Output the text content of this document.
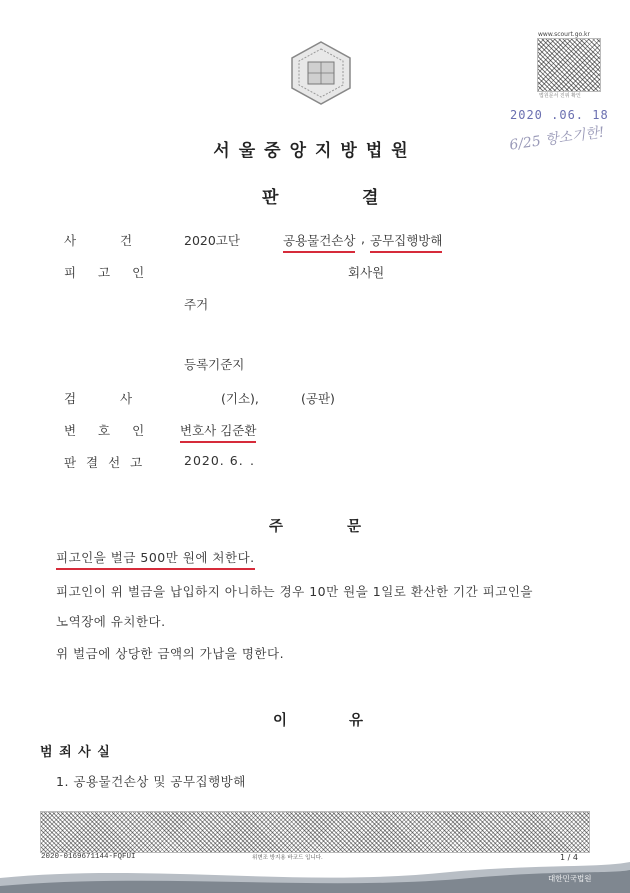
www.scourt.go.kr
법원문서 진위 확인
2020 .06. 18
6/25 항소기한!
서울중앙지방법원
판	결
사 건	2020고단	공용물건손상 , 공무집행방해
피 고 인	회사원
주거
등록기준지
검 사	(기소),	(공판)
변 호 인 변호사 김준환
판 결 선 고	2020. 6. .
주	문
피고인을 벌금 500만 원에 처한다.
피고인이 위 벌금을 납입하지 아니하는 경우 10만 원을 1일로 환산한 기간 피고인을
노역장에 유치한다.
위 벌금에 상당한 금액의 가납을 명한다.
이	유
범 죄 사 실
1. 공용물건손상 및 공무집행방해
2020-0169671144-FQFUI	위변조 방지용 바코드 입니다.	1 / 4
대한민국법원
